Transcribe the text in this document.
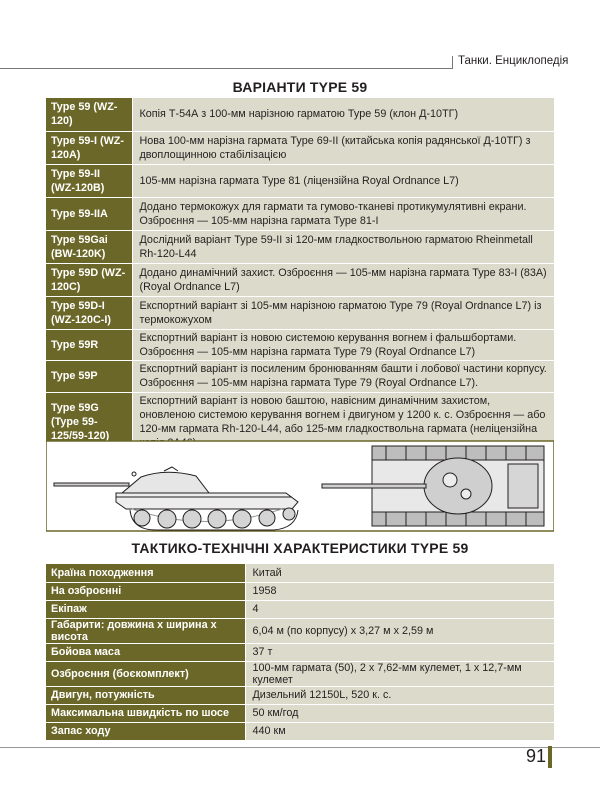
Танки. Енциклопедія
ВАРІАНТИ TYPE 59
Type 59 (WZ-120)	Копія Т-54А з 100-мм нарізною гарматою Type 59 (клон Д-10ТГ)
Type 59-I (WZ-120A)	Нова 100-мм нарізна гармата Type 69-II (китайська копія радянської Д-10ТГ) з двоплощинною стабілізацією
Type 59-II (WZ-120B)	105-мм нарізна гармата Type 81 (ліцензійна Royal Ordnance L7)
Type 59-IIA	Додано термокожух для гармати та гумово-тканеві протикумулятивні екрани. Озброєння — 105-мм нарізна гармата Type 81-I
Type 59Gai (BW-120K)	Дослідний варіант Type 59-II зі 120-мм гладкоствольною гарматою Rheinmetall Rh-120-L44
Type 59D (WZ-120C)	Додано динамічний захист. Озброєння — 105-мм нарізна гармата Type 83-I (83A) (Royal Ordnance L7)
Type 59D-I (WZ-120C-I)	Експортний варіант зі 105-мм нарізною гарматою Type 79 (Royal Ordnance L7) із термокожухом
Type 59R	Експортний варіант із новою системою керування вогнем і фальшбортами. Озброєння — 105-мм нарізна гармата Type 79 (Royal Ordnance L7)
Type 59P	Експортний варіант із посиленим бронюванням башти і лобової частини корпусу. Озброєння — 105-мм нарізна гармата Type 79 (Royal Ordnance L7).
Type 59G (Type 59-125/59-120)	Експортний варіант із новою баштою, навісним динамічним захистом, оновленою системою керування вогнем і двигуном у 1200 к. с. Озброєння — або 120-мм гармата Rh-120-L44, або 125-мм гладкоствольна гармата (неліцензійна
ТАКТИКО-ТЕХНІЧНІ ХАРАКТЕРИСТИКИ TYPE 59
Країна походження	Китай
На озброєнні	1958
Екіпаж	4
Габарити: довжина х ширина х висота	6,04 м (по корпусу) х 3,27 м х 2,59 м
Бойова маса	37 т
Озброєння (боєкомплект)	100-мм гармата (50), 2 х 7,62-мм кулемет, 1 х 12,7-мм кулемет
Двигун, потужність	Дизельний 12150L, 520 к. с.
Максимальна швидкість по шосе	50 км/год
Запас ходу	440 км
91
